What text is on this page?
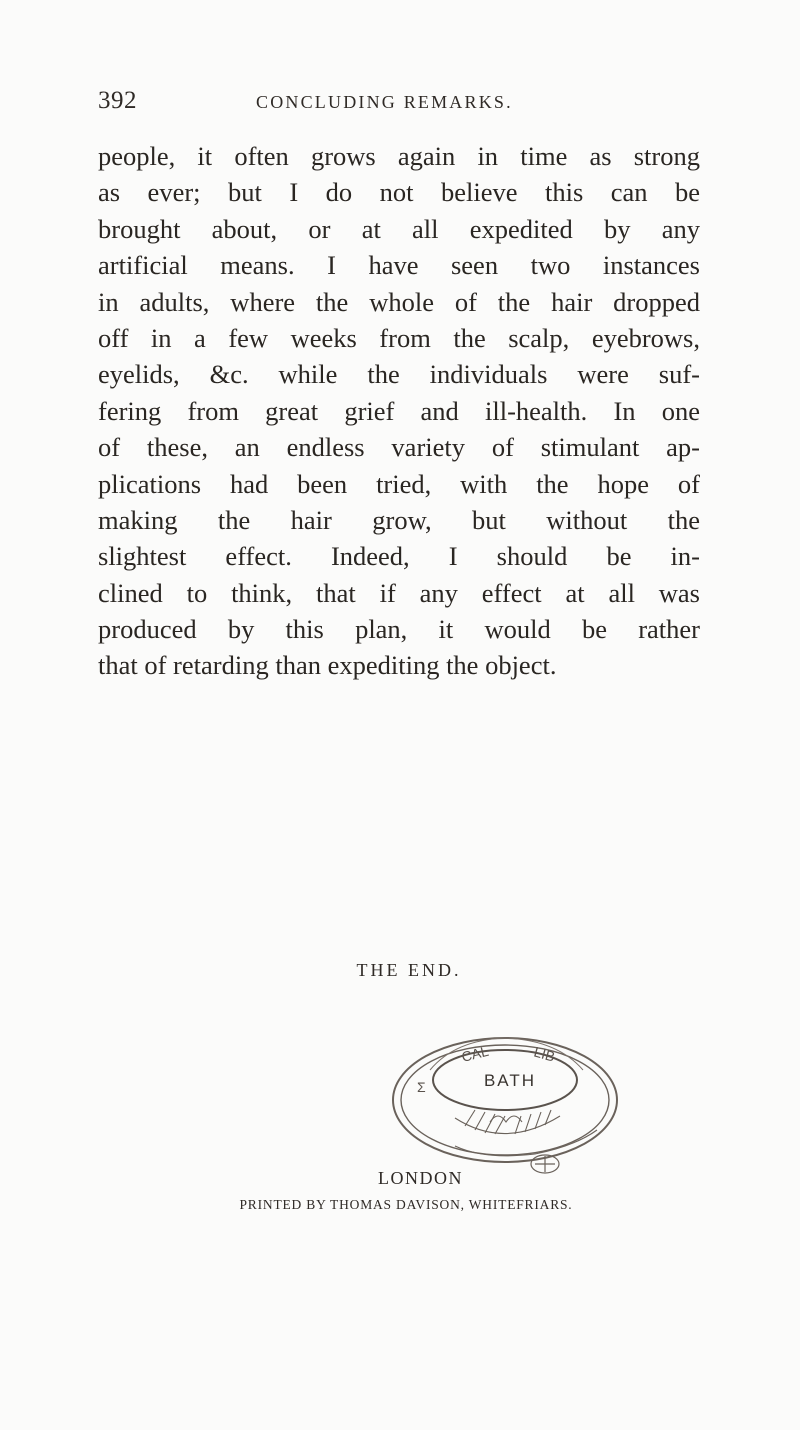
392	CONCLUDING REMARKS.
people, it often grows again in time as strong
as ever; but I do not believe this can be
brought about, or at all expedited by any
artificial means. I have seen two instances
in adults, where the whole of the hair dropped
off in a few weeks from the scalp, eyebrows,
eyelids, &c. while the individuals were suf-
fering from great grief and ill-health. In one
of these, an endless variety of stimulant ap-
plications had been tried, with the hope of
making the hair grow, but without the
slightest effect. Indeed, I should be in-
clined to think, that if any effect at all was
produced by this plan, it would be rather
that of retarding than expediting the object.
THE END.
CAL	LIB
Σ	BATH
LONDON
PRINTED BY THOMAS DAVISON, WHITEFRIARS.
